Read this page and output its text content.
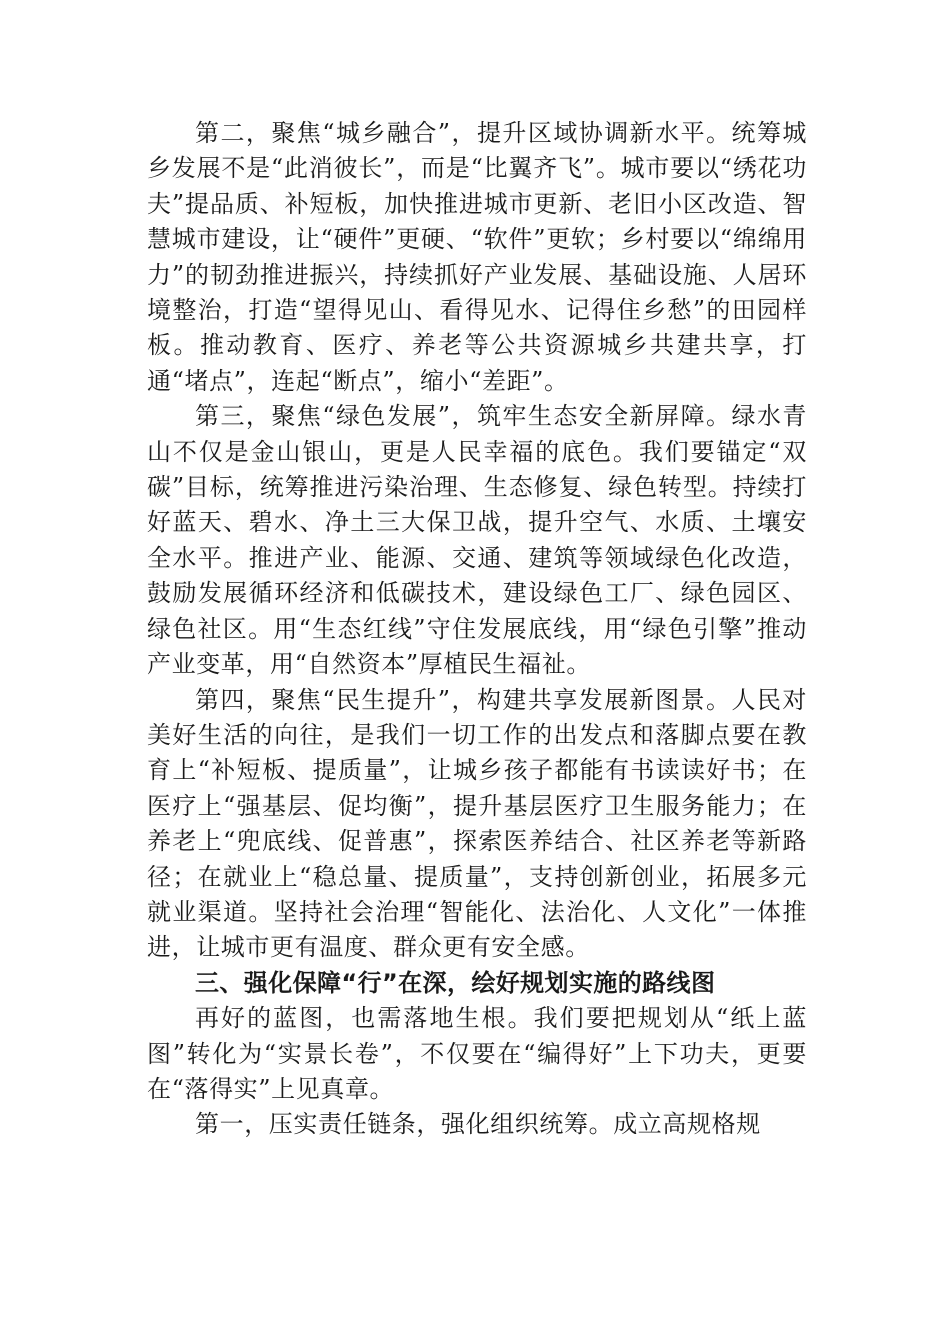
第二，聚焦“城乡融合”，提升区域协调新水平。统筹城乡发展不是“此消彼长”，而是“比翼齐飞”。城市要以“绣花功夫”提品质、补短板，加快推进城市更新、老旧小区改造、智慧城市建设，让“硬件”更硬、“软件”更软；乡村要以“绵绵用力”的韧劲推进振兴，持续抓好产业发展、基础设施、人居环境整治，打造“望得见山、看得见水、记得住乡愁”的田园样板。推动教育、医疗、养老等公共资源城乡共建共享，打通“堵点”，连起“断点”，缩小“差距”。

第三，聚焦“绿色发展”，筑牢生态安全新屏障。绿水青山不仅是金山银山，更是人民幸福的底色。我们要锚定“双碳”目标，统筹推进污染治理、生态修复、绿色转型。持续打好蓝天、碧水、净土三大保卫战，提升空气、水质、土壤安全水平。推进产业、能源、交通、建筑等领域绿色化改造，鼓励发展循环经济和低碳技术，建设绿色工厂、绿色园区、绿色社区。用“生态红线”守住发展底线，用“绿色引擎”推动产业变革，用“自然资本”厚植民生福祉。

第四，聚焦“民生提升”，构建共享发展新图景。人民对美好生活的向往，是我们一切工作的出发点和落脚点要在教育上“补短板、提质量”，让城乡孩子都能有书读读好书；在医疗上“强基层、促均衡”，提升基层医疗卫生服务能力；在养老上“兜底线、促普惠”，探索医养结合、社区养老等新路径；在就业上“稳总量、提质量”，支持创新创业，拓展多元就业渠道。坚持社会治理“智能化、法治化、人文化”一体推进，让城市更有温度、群众更有安全感。

三、强化保障“行”在深，绘好规划实施的路线图

再好的蓝图，也需落地生根。我们要把规划从“纸上蓝图”转化为“实景长卷”，不仅要在“编得好”上下功夫，更要在“落得实”上见真章。

第一，压实责任链条，强化组织统筹。成立高规格规
